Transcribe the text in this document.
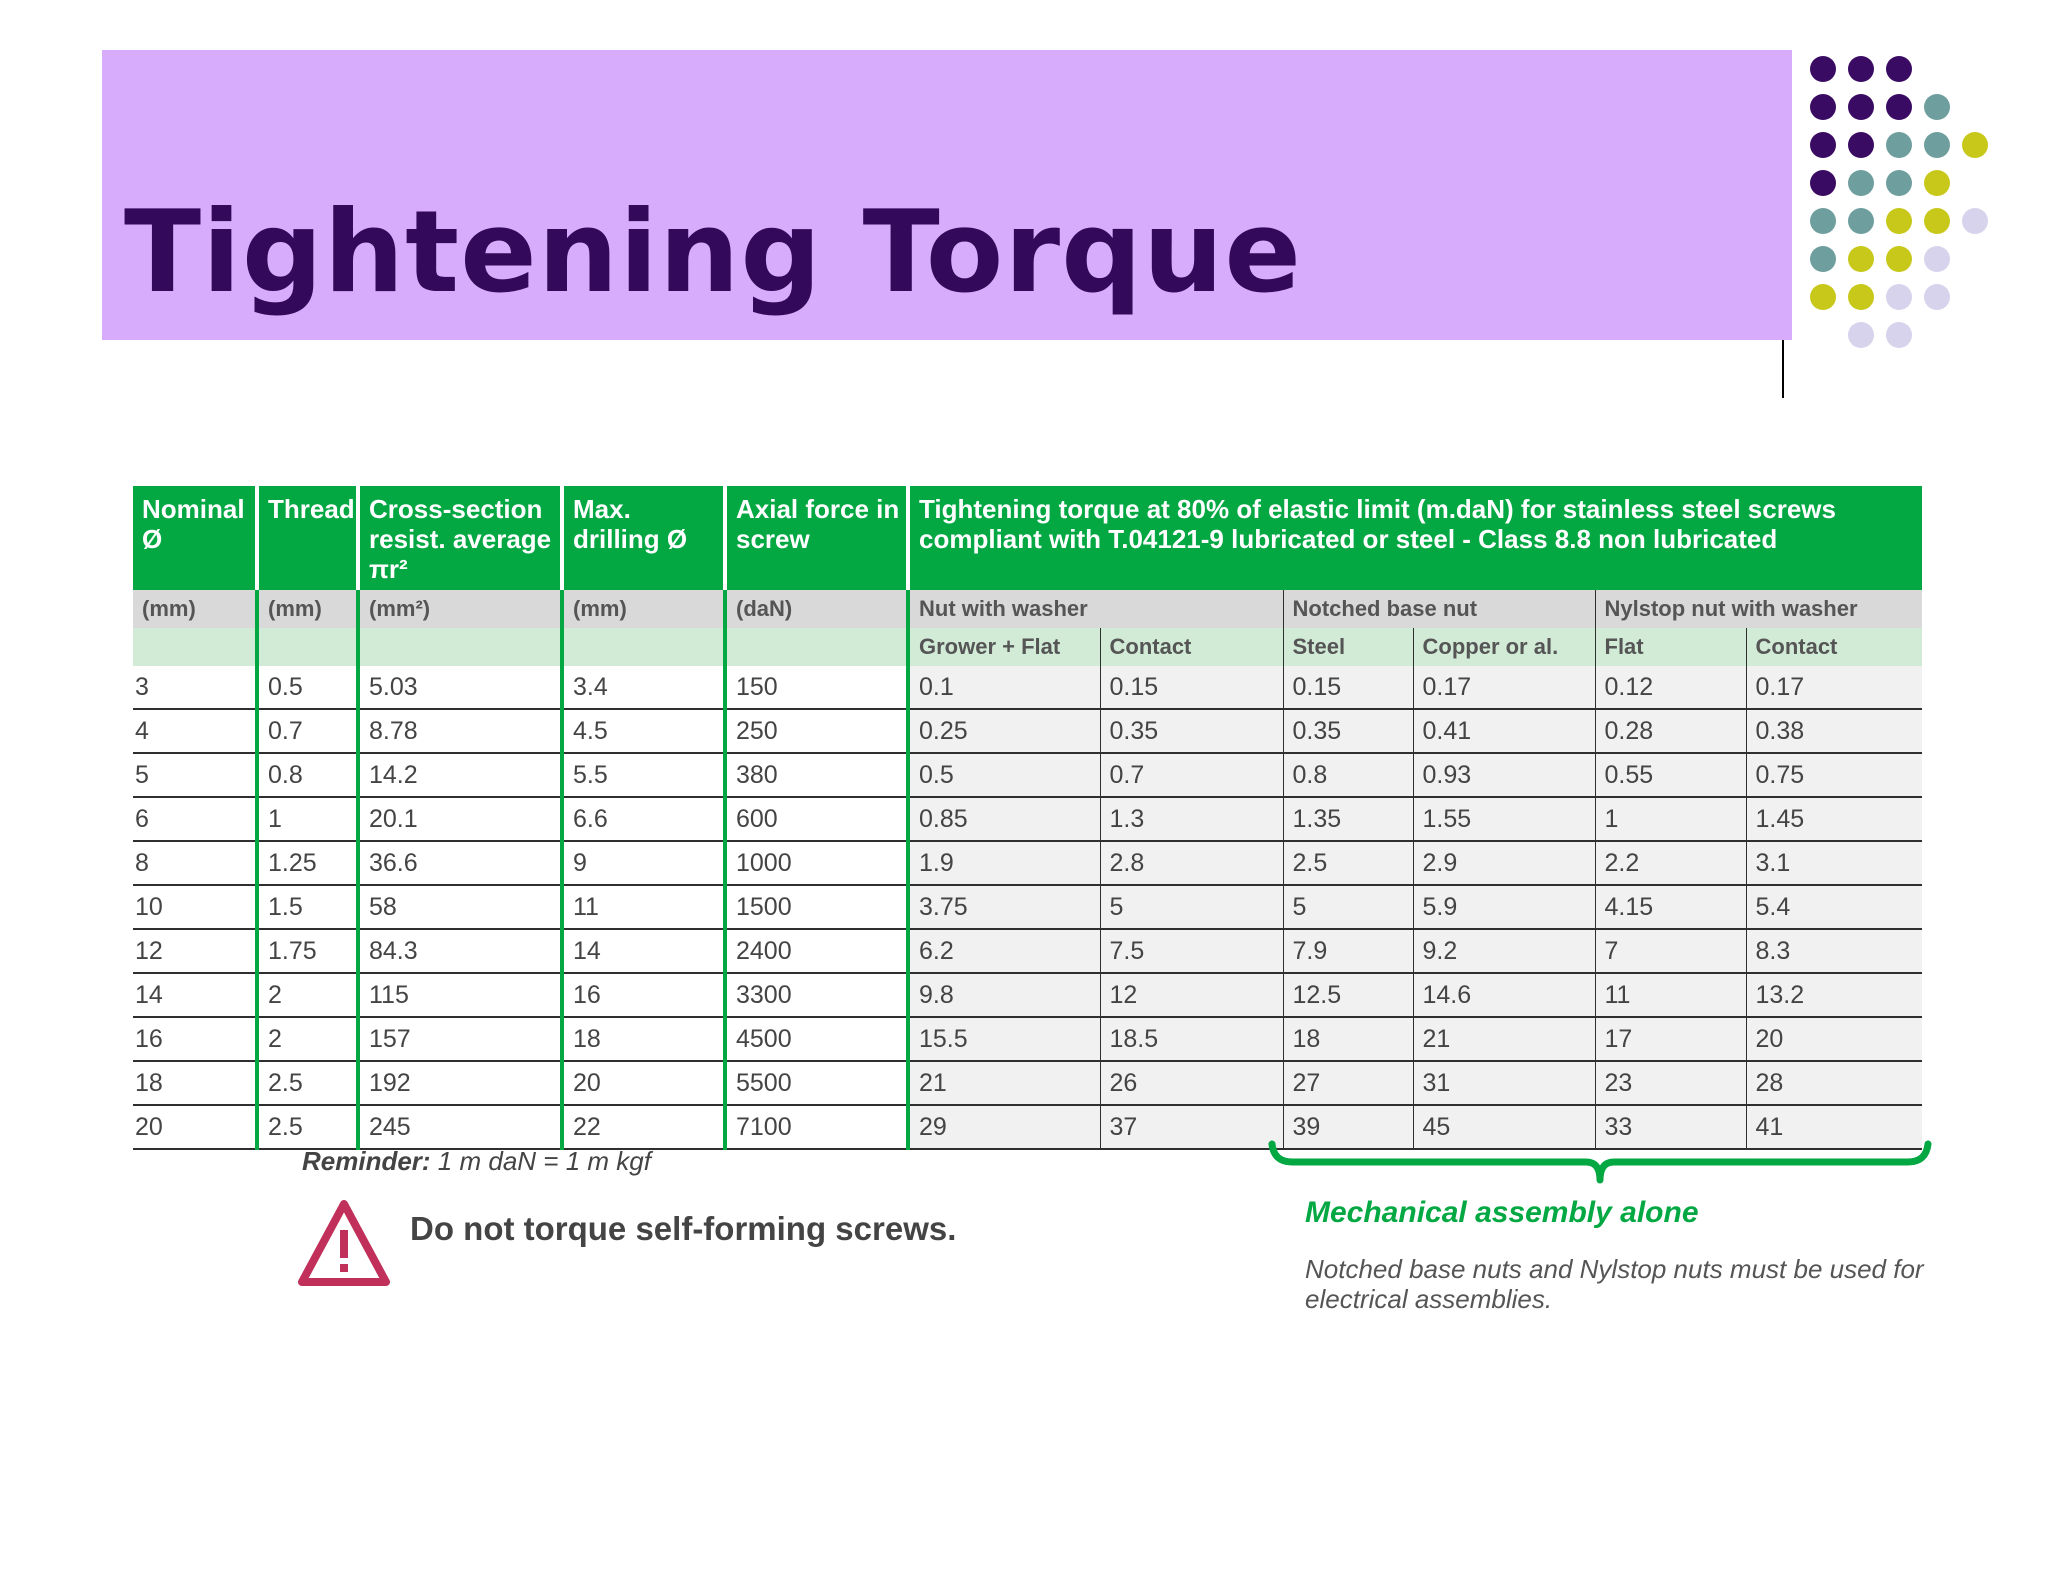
Tightening Torque
Nominal Ø	Thread	Cross-section resist. average πr²	Max. drilling Ø	Axial force in screw	Tightening torque at 80% of elastic limit (m.daN) for stainless steel screws compliant with T.04121-9 lubricated or steel - Class 8.8 non lubricated					
(mm)	(mm)	(mm²)	(mm)	(daN)	Nut with washer		Notched base nut		Nylstop nut with washer	
					Grower + Flat	Contact	Steel	Copper or al.	Flat	Contact
3	0.5	5.03	3.4	150	0.1	0.15	0.15	0.17	0.12	0.17
4	0.7	8.78	4.5	250	0.25	0.35	0.35	0.41	0.28	0.38
5	0.8	14.2	5.5	380	0.5	0.7	0.8	0.93	0.55	0.75
6	1	20.1	6.6	600	0.85	1.3	1.35	1.55	1	1.45
8	1.25	36.6	9	1000	1.9	2.8	2.5	2.9	2.2	3.1
10	1.5	58	11	1500	3.75	5	5	5.9	4.15	5.4
12	1.75	84.3	14	2400	6.2	7.5	7.9	9.2	7	8.3
14	2	115	16	3300	9.8	12	12.5	14.6	11	13.2
16	2	157	18	4500	15.5	18.5	18	21	17	20
18	2.5	192	20	5500	21	26	27	31	23	28
20	2.5	245	22	7100	29	37	39	45	33	41
Reminder: 1 m daN = 1 m kgf
Do not torque self-forming screws.	Mechanical assembly alone
Notched base nuts and Nylstop nuts must be used for electrical assemblies.
